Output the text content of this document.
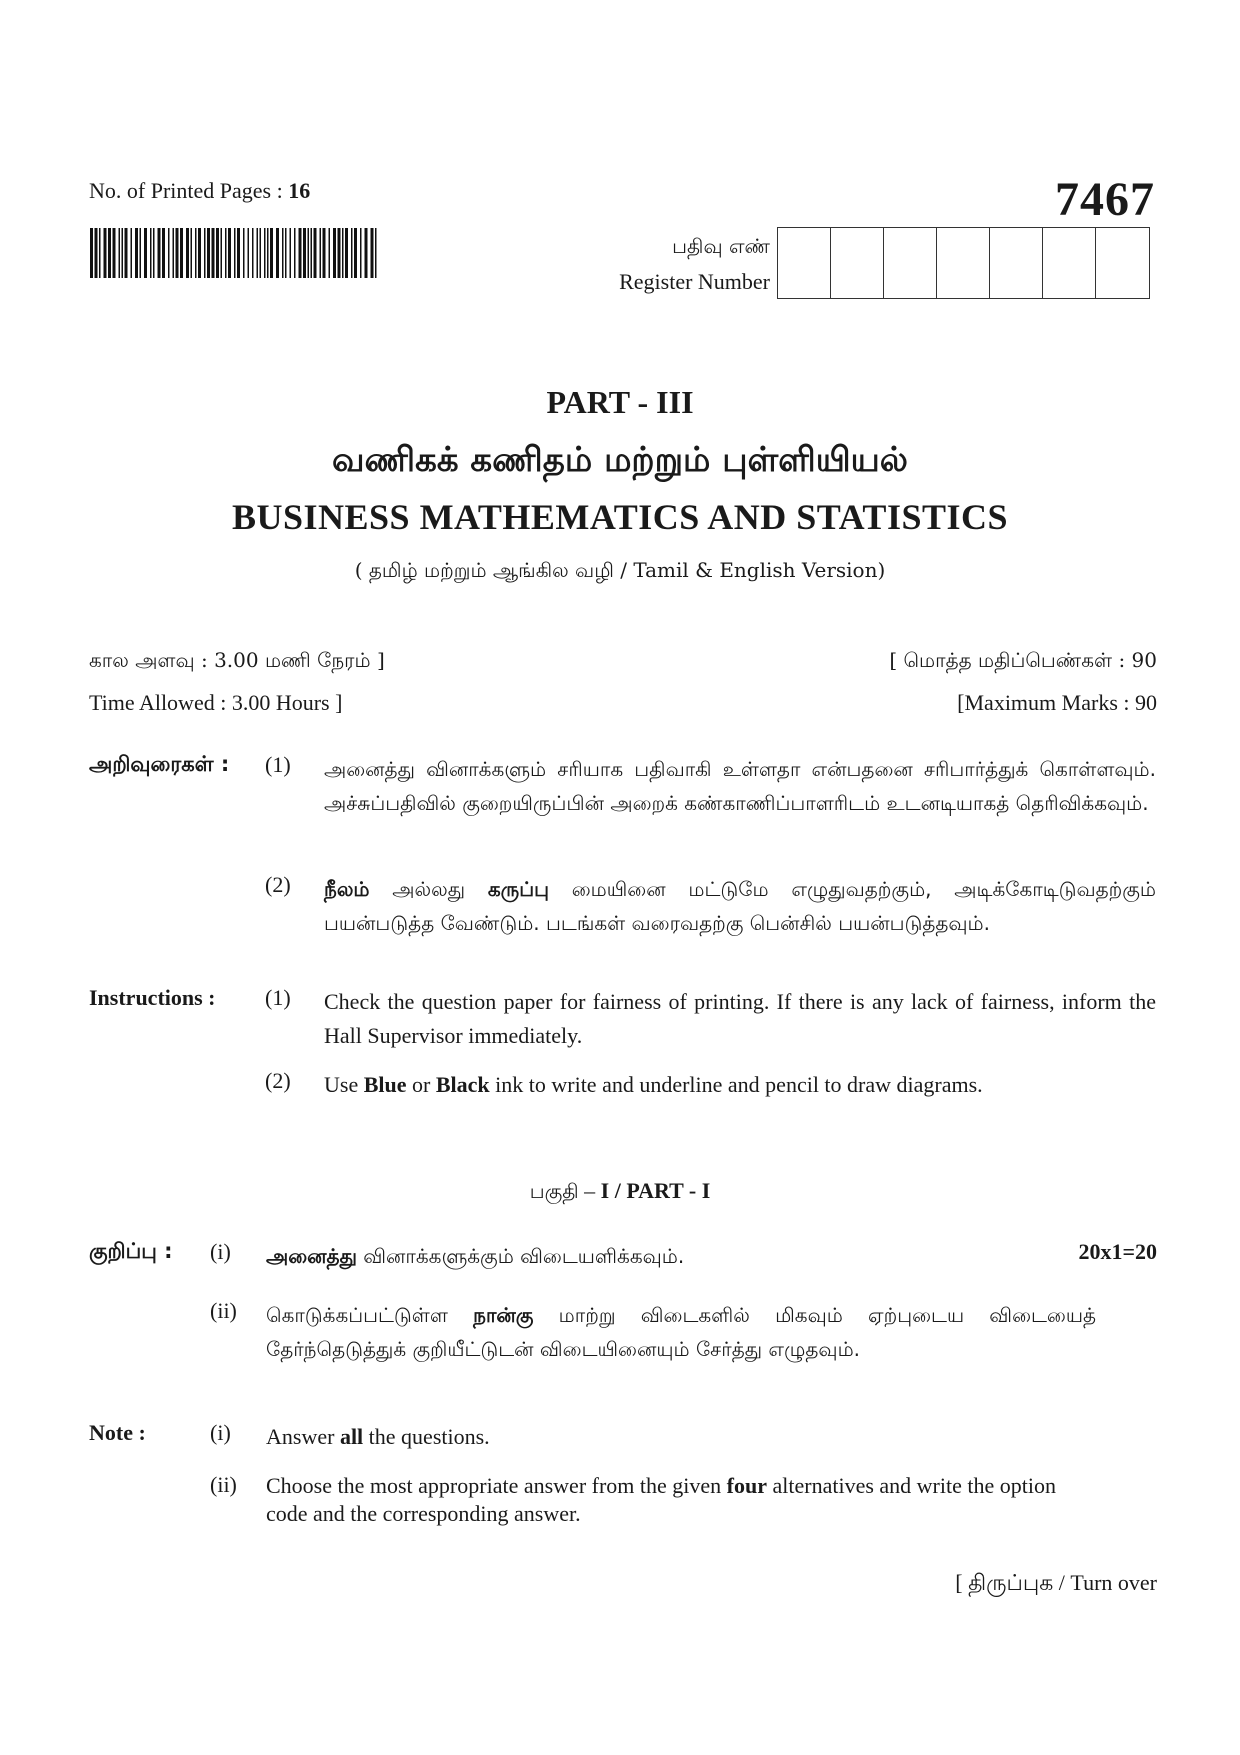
No. of Printed Pages : 16	7467
பதிவு எண்
Register Number
PART - III
வணிகக் கணிதம் மற்றும் புள்ளியியல்
BUSINESS MATHEMATICS AND STATISTICS
( தமிழ் மற்றும் ஆங்கில வழி / Tamil & English Version)
கால அளவு : 3.00 மணி நேரம் ]	[ மொத்த மதிப்பெண்கள் : 90
Time Allowed : 3.00 Hours ]	[Maximum Marks : 90
அறிவுரைகள் : (1) அனைத்து வினாக்களும் சரியாக பதிவாகி உள்ளதா என்பதனை சரிபார்த்துக் கொள்ளவும். அச்சுப்பதிவில் குறையிருப்பின் அறைக் கண்காணிப்பாளரிடம் உடனடியாகத் தெரிவிக்கவும்.
(2) நீலம் அல்லது கருப்பு மையினை மட்டுமே எழுதுவதற்கும், அடிக்கோடிடுவதற்கும் பயன்படுத்த வேண்டும். படங்கள் வரைவதற்கு பென்சில் பயன்படுத்தவும்.
Instructions : (1) Check the question paper for fairness of printing. If there is any lack of fairness, inform the Hall Supervisor immediately.
(2) Use Blue or Black ink to write and underline and pencil to draw diagrams.
பகுதி – I / PART - I
குறிப்பு : (i) அனைத்து வினாக்களுக்கும் விடையளிக்கவும்.	20x1=20
(ii) கொடுக்கப்பட்டுள்ள நான்கு மாற்று விடைகளில் மிகவும் ஏற்புடைய விடையைத் தேர்ந்தெடுத்துக் குறியீட்டுடன் விடையினையும் சேர்த்து எழுதவும்.
Note :	(i) Answer all the questions.
(ii) Choose the most appropriate answer from the given four alternatives and write the option code and the corresponding answer.
[ திருப்புக / Turn over
